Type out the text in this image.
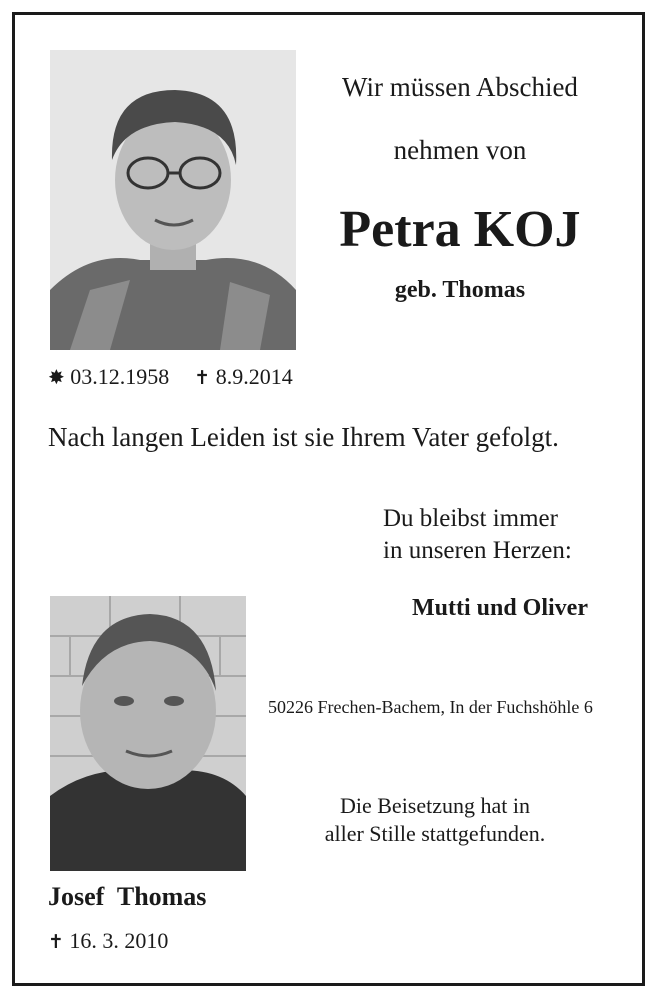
Wir müssen Abschied
nehmen von
Petra KOJ
geb. Thomas
✸ 03.12.1958 ✝ 8.9.2014
Nach langen Leiden ist sie Ihrem Vater gefolgt.
Du bleibst immer
in unseren Herzen:
Mutti und Oliver
50226 Frechen-Bachem, In der Fuchshöhle 6
Die Beisetzung hat in
aller Stille stattgefunden.
Josef  Thomas
✝ 16. 3. 2010
